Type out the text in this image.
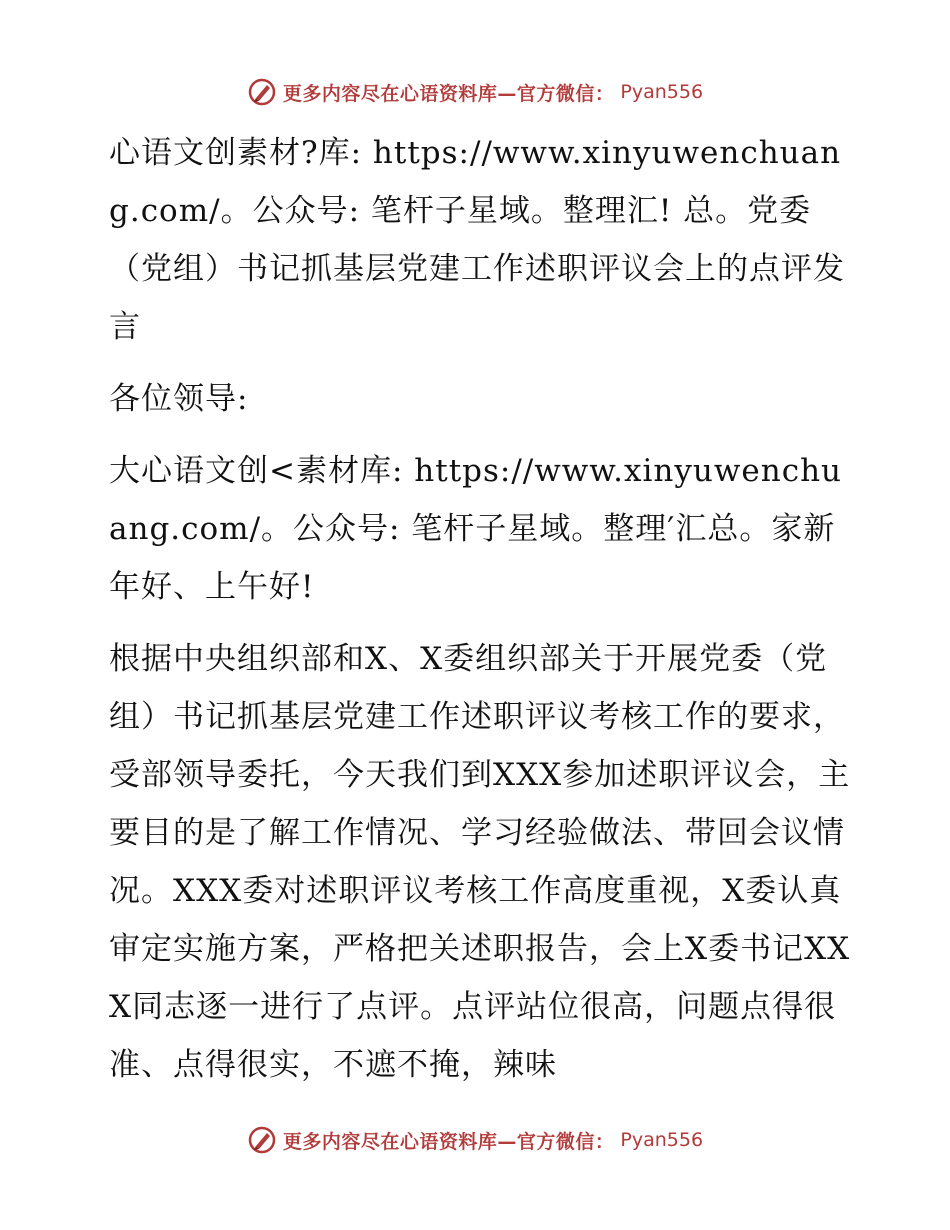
更多内容尽在心语资料库—官方微信： Pyan556

心语文创素材?库: https://www.xinyuwenchuang.com/。公众号: 笔杆子星域。整理汇! 总。党委（党组）书记抓基层党建工作述职评议会上的点评发言

各位领导:

大心语文创<素材库: https://www.xinyuwenchuang.com/。公众号: 笔杆子星域。整理′汇总。家新年好、上午好!

根据中央组织部和X、X委组织部关于开展党委（党组）书记抓基层党建工作述职评议考核工作的要求，受部领导委托，今天我们到XXX参加述职评议会，主要目的是了解工作情况、学习经验做法、带回会议情况。XXX委对述职评议考核工作高度重视，X委认真审定实施方案，严格把关述职报告，会上X委书记XXX同志逐一进行了点评。点评站位很高，问题点得很准、点得很实，不遮不掩，辣味

更多内容尽在心语资料库—官方微信： Pyan556
